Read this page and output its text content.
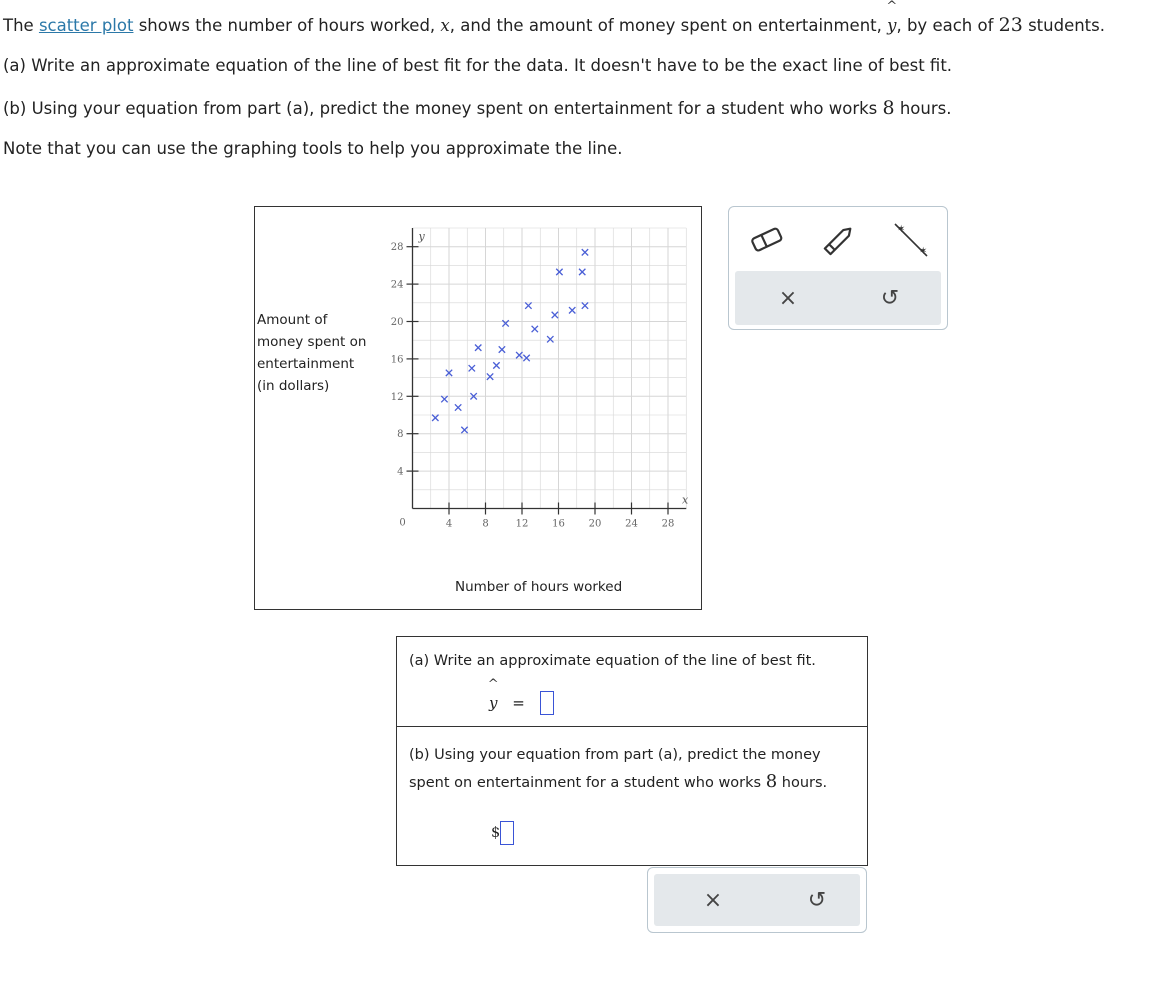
The scatter plot shows the number of hours worked, x, and the amount of money spent on entertainment,
^
y, by each of 23 students.
(a) Write an approximate equation of the line of best fit for the data. It doesn't have to be the exact line of best fit.
(b) Using your equation from part (a), predict the money spent on entertainment for a student who works 8 hours.
Note that you can use the graphing tools to help you approximate the line.
Amount of
money spent on
entertainment
(in dollars)
4	8	12 16 20 24 28
4
8
12
16
20
24
28
0
y
x
Number of hours worked
✶
✶
×	↺
(a) Write an approximate equation of the line of best fit.
^
y =
(b) Using your equation from part (a), predict the money
spent on entertainment for a student who works 8 hours.
$
×	↺
